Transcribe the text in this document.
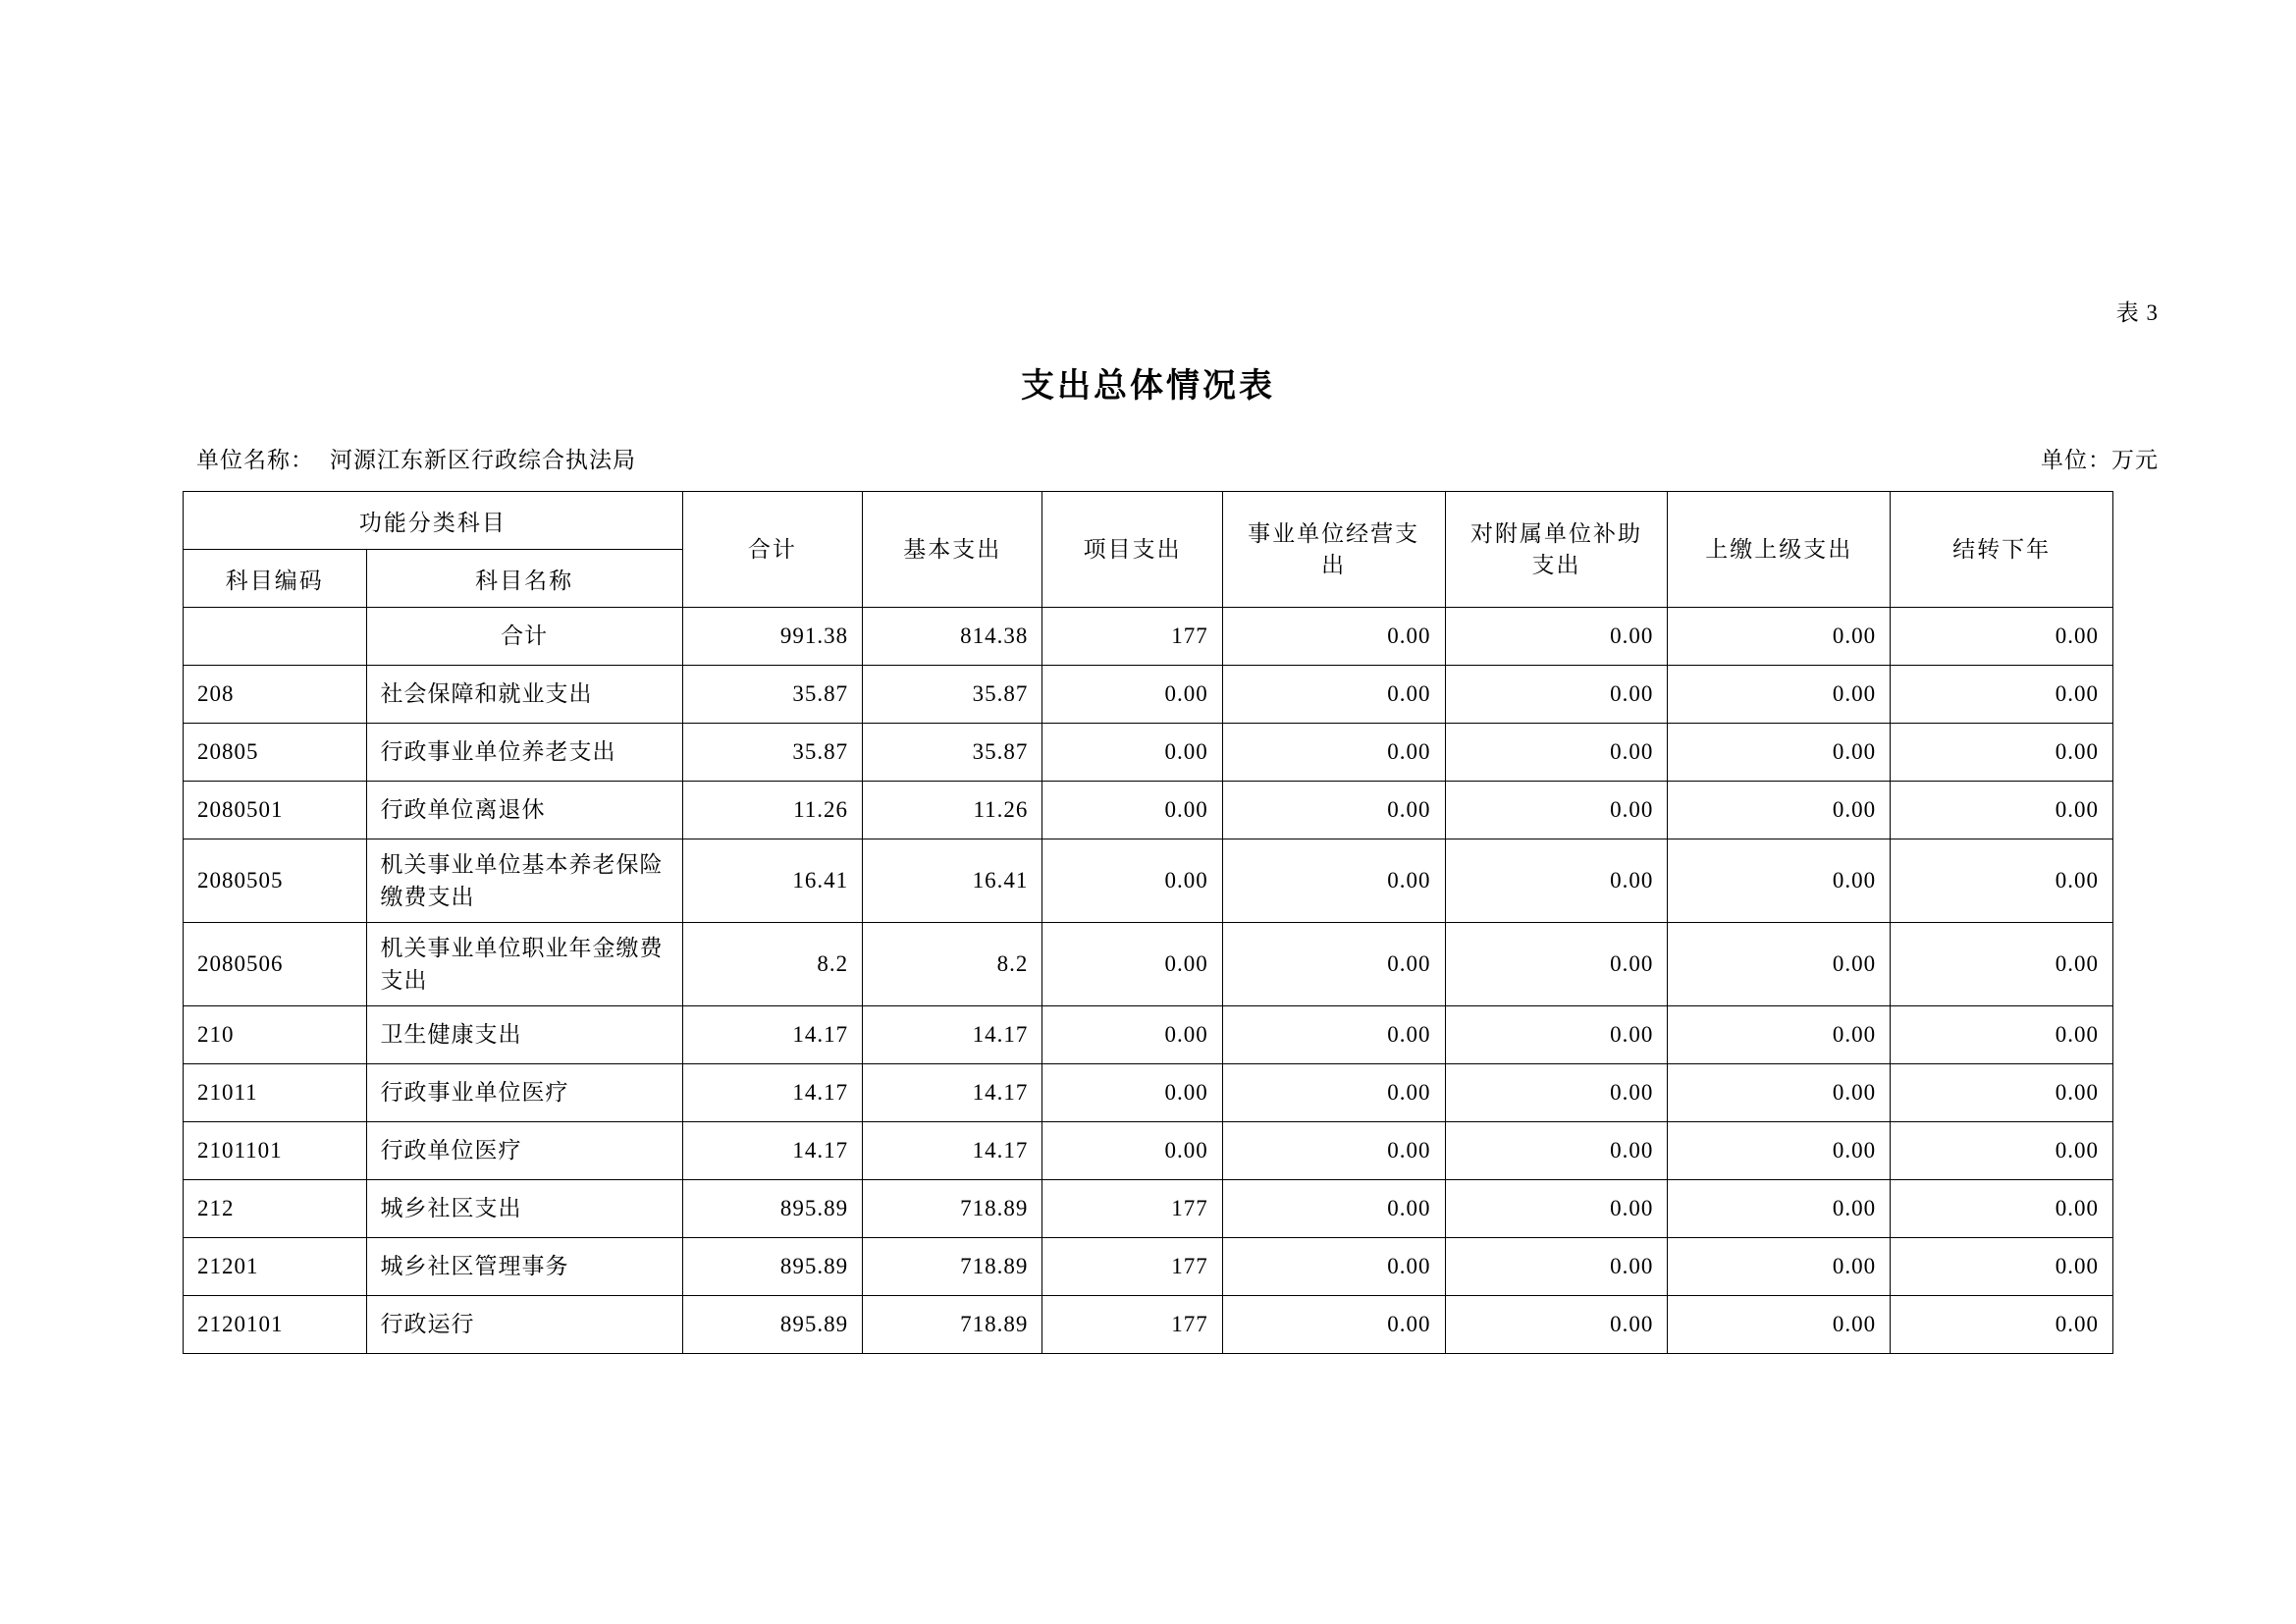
表 3
支出总体情况表
单位名称： 河源江东新区行政综合执法局	单位：万元
功能分类科目		合计	基本支出	项目支出	事业单位经营支出	对附属单位补助支出	上缴上级支出	结转下年
科目编码	科目名称							
	合计	991.38	814.38	177	0.00	0.00	0.00	0.00
208	社会保障和就业支出	35.87	35.87	0.00	0.00	0.00	0.00	0.00
20805	行政事业单位养老支出	35.87	35.87	0.00	0.00	0.00	0.00	0.00
2080501	行政单位离退休	11.26	11.26	0.00	0.00	0.00	0.00	0.00
2080505	机关事业单位基本养老保险缴费支出	16.41	16.41	0.00	0.00	0.00	0.00	0.00
2080506	机关事业单位职业年金缴费支出	8.2	8.2	0.00	0.00	0.00	0.00	0.00
210	卫生健康支出	14.17	14.17	0.00	0.00	0.00	0.00	0.00
21011	行政事业单位医疗	14.17	14.17	0.00	0.00	0.00	0.00	0.00
2101101	行政单位医疗	14.17	14.17	0.00	0.00	0.00	0.00	0.00
212	城乡社区支出	895.89	718.89	177	0.00	0.00	0.00	0.00
21201	城乡社区管理事务	895.89	718.89	177	0.00	0.00	0.00	0.00
2120101	行政运行	895.89	718.89	177	0.00	0.00	0.00	0.00
